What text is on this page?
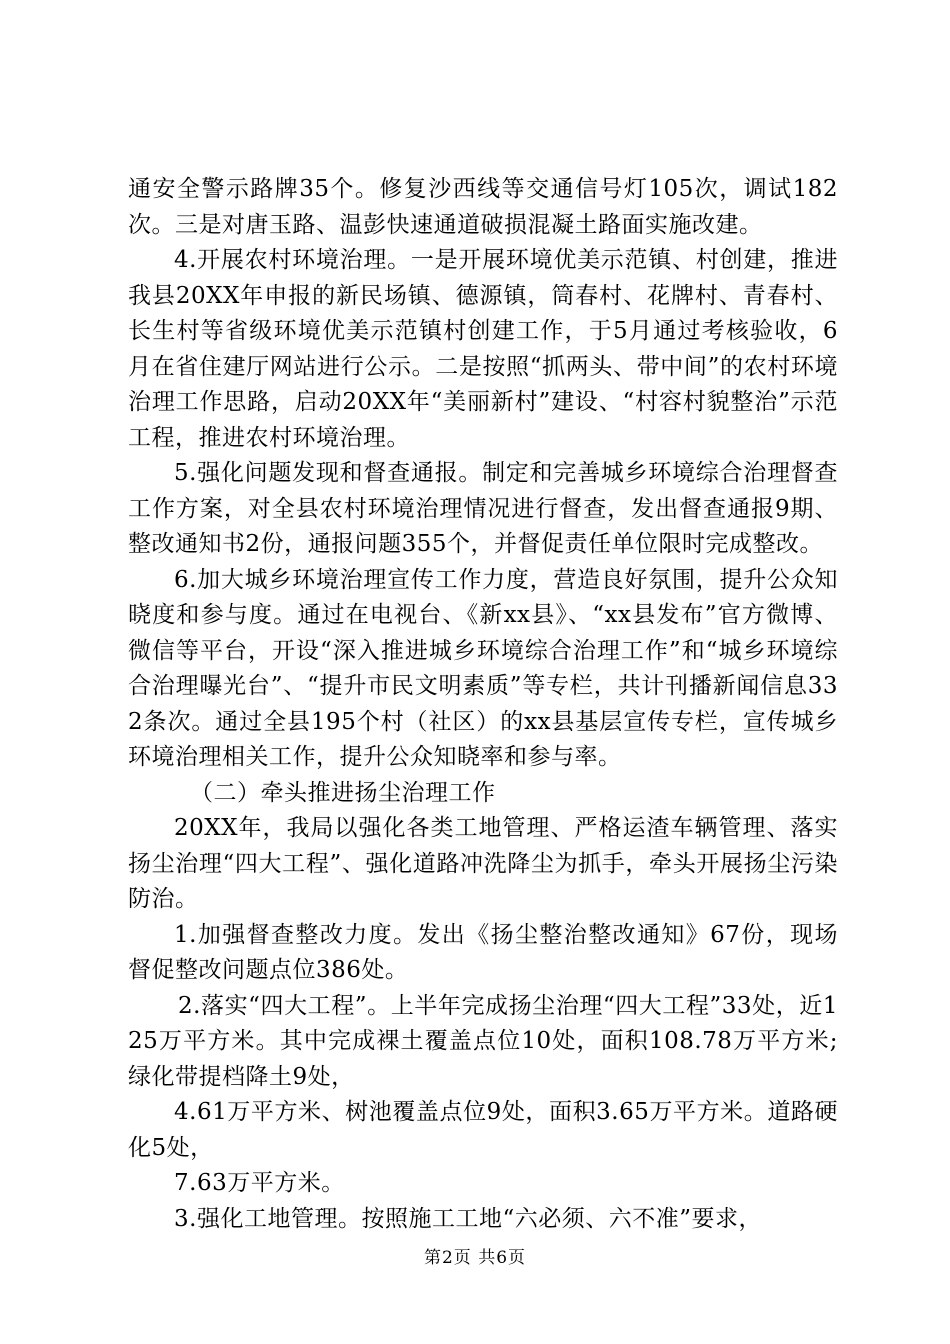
通安全警示路牌35个。修复沙西线等交通信号灯105次，调试182次。三是对唐玉路、温彭快速通道破损混凝土路面实施改建。

4.开展农村环境治理。一是开展环境优美示范镇、村创建，推进我县20XX年申报的新民场镇、德源镇，筒春村、花牌村、青春村、长生村等省级环境优美示范镇村创建工作，于5月通过考核验收，6月在省住建厅网站进行公示。二是按照“抓两头、带中间”的农村环境治理工作思路，启动20XX年“美丽新村”建设、“村容村貌整治”示范工程，推进农村环境治理。

5.强化问题发现和督查通报。制定和完善城乡环境综合治理督查工作方案，对全县农村环境治理情况进行督查，发出督查通报9期、整改通知书2份，通报问题355个，并督促责任单位限时完成整改。

6.加大城乡环境治理宣传工作力度，营造良好氛围，提升公众知晓度和参与度。通过在电视台、《新xx县》、“xx县发布”官方微博、微信等平台，开设“深入推进城乡环境综合治理工作”和“城乡环境综合治理曝光台”、“提升市民文明素质”等专栏，共计刊播新闻信息332条次。通过全县195个村（社区）的xx县基层宣传专栏，宣传城乡环境治理相关工作，提升公众知晓率和参与率。

（二）牵头推进扬尘治理工作

20XX年，我局以强化各类工地管理、严格运渣车辆管理、落实扬尘治理“四大工程”、强化道路冲洗降尘为抓手，牵头开展扬尘污染防治。

1.加强督查整改力度。发出《扬尘整治整改通知》67份，现场督促整改问题点位386处。

2.落实“四大工程”。上半年完成扬尘治理“四大工程”33处，近125万平方米。其中完成裸土覆盖点位10处，面积108.78万平方米;绿化带提档降土9处，

4.61万平方米、树池覆盖点位9处，面积3.65万平方米。道路硬化5处，

7.63万平方米。

3.强化工地管理。按照施工工地“六必须、六不准”要求，

第2页 共6页
